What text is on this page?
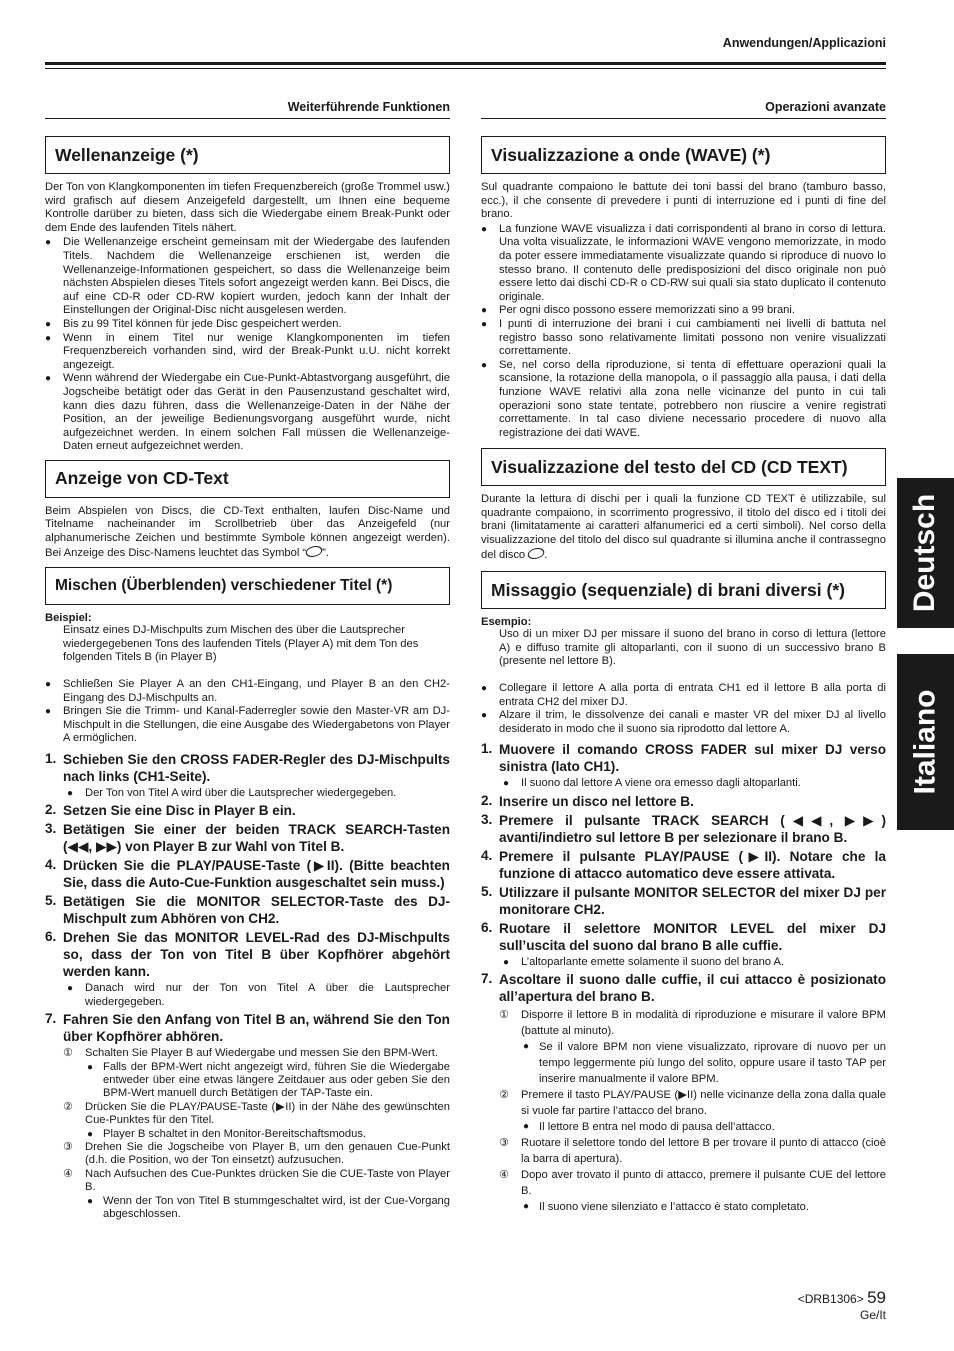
Anwendungen/Applicazioni
Weiterführende Funktionen
Wellenanzeige (*)

Der Ton von Klangkomponenten im tiefen Frequenzbereich (große Trommel usw.) wird grafisch auf diesem Anzeigefeld dargestellt, um Ihnen eine bequeme Kontrolle darüber zu bieten, dass sich die Wiedergabe einem Break-Punkt oder dem Ende des laufenden Titels nähert.

● Die Wellenanzeige erscheint gemeinsam mit der Wiedergabe des laufenden Titels. Nachdem die Wellenanzeige erschienen ist, werden die Wellenanzeige-Informationen gespeichert, so dass die Wellenanzeige beim nächsten Abspielen dieses Titels sofort angezeigt werden kann. Bei Discs, die auf eine CD-R oder CD-RW kopiert wurden, jedoch kann der Inhalt der Einstellungen der Original-Disc nicht ausgelesen werden.
● Bis zu 99 Titel können für jede Disc gespeichert werden.
● Wenn in einem Titel nur wenige Klangkomponenten im tiefen Frequenzbereich vorhanden sind, wird der Break-Punkt u.U. nicht korrekt angezeigt.
● Wenn während der Wiedergabe ein Cue-Punkt-Abtastvorgang ausgeführt, die Jogscheibe betätigt oder das Gerät in den Pausenzustand geschaltet wird, kann dies dazu führen, dass die Wellenanzeige-Daten in der Nähe der Position, an der jeweilige Bedienungsvorgang ausgeführt wurde, nicht aufgezeichnet werden. In einem solchen Fall müssen die Wellenanzeige-Daten erneut aufgezeichnet werden.
Anzeige von CD-Text

Beim Abspielen von Discs, die CD-Text enthalten, laufen Disc-Name und Titelname nacheinander im Scrollbetrieb über das Anzeigefeld (nur alphanumerische Zeichen und bestimmte Symbole können angezeigt werden). Bei Anzeige des Disc-Namens leuchtet das Symbol “ ”.

Mischen (Überblenden) verschiedener Titel (*)
Beispiel:
Einsatz eines DJ-Mischpults zum Mischen des über die Lautsprecher wiedergegebenen Tons des laufenden Titels (Player A) mit dem Ton des folgenden Titels B (in Player B)
● Schließen Sie Player A an den CH1-Eingang, und Player B an den CH2-Eingang des DJ-Mischpults an.
● Bringen Sie die Trimm- und Kanal-Faderregler sowie den Master-VR am DJ-Mischpult in die Stellungen, die eine Ausgabe des Wiedergabetons von Player A ermöglichen.
1. Schieben Sie den CROSS FADER-Regler des DJ-Mischpults nach links (CH1-Seite).
● Der Ton von Titel A wird über die Lautsprecher wiedergegeben.
2. Setzen Sie eine Disc in Player B ein.
3. Betätigen Sie einer der beiden TRACK SEARCH-Tasten (◀◀, ▶▶) von Player B zur Wahl von Titel B.
4. Drücken Sie die PLAY/PAUSE-Taste (▶II). (Bitte beachten Sie, dass die Auto-Cue-Funktion ausgeschaltet sein muss.)
5. Betätigen Sie die MONITOR SELECTOR-Taste des DJ-Mischpult zum Abhören von CH2.
6. Drehen Sie das MONITOR LEVEL-Rad des DJ-Mischpults so, dass der Ton von Titel B über Kopfhörer abgehört werden kann.
● Danach wird nur der Ton von Titel A über die Lautsprecher wiedergegeben.
7. Fahren Sie den Anfang von Titel B an, während Sie den Ton über Kopfhörer abhören.
① Schalten Sie Player B auf Wiedergabe und messen Sie den BPM-Wert.
● Falls der BPM-Wert nicht angezeigt wird, führen Sie die Wiedergabe entweder über eine etwas längere Zeitdauer aus oder geben Sie den BPM-Wert manuell durch Betätigen der TAP-Taste ein.
② Drücken Sie die PLAY/PAUSE-Taste (▶II) in der Nähe des gewünschten Cue-Punktes für den Titel.
● Player B schaltet in den Monitor-Bereitschaftsmodus.
③ Drehen Sie die Jogscheibe von Player B, um den genauen Cue-Punkt (d.h. die Position, wo der Ton einsetzt) aufzusuchen.
④ Nach Aufsuchen des Cue-Punktes drücken Sie die CUE-Taste von Player B.
● Wenn der Ton von Titel B stummgeschaltet wird, ist der Cue-Vorgang abgeschlossen.
Operazioni avanzate
Visualizzazione a onde (WAVE) (*)

Sul quadrante compaiono le battute dei toni bassi del brano (tamburo basso, ecc.), il che consente di prevedere i punti di interruzione ed i punti di fine del brano.

● La funzione WAVE visualizza i dati corrispondenti al brano in corso di lettura. Una volta visualizzate, le informazioni WAVE vengono memorizzate, in modo da poter essere immediatamente visualizzate quando si riproduce di nuovo lo stesso brano. Il contenuto delle predisposizioni del disco originale non può essere letto dai dischi CD-R o CD-RW sui quali sia stato duplicato il contenuto originale.
● Per ogni disco possono essere memorizzati sino a 99 brani.
● I punti di interruzione dei brani i cui cambiamenti nei livelli di battuta nel registro basso sono relativamente limitati possono non venire visualizzati correttamente.
● Se, nel corso della riproduzione, si tenta di effettuare operazioni quali la scansione, la rotazione della manopola, o il passaggio alla pausa, i dati della funzione WAVE relativi alla zona nelle vicinanze del punto in cui tali operazioni sono state tentate, potrebbero non riuscire a venire registrati correttamente. In tal caso diviene necessario procedere di nuovo alla registrazione dei dati WAVE.
Visualizzazione del testo del CD (CD TEXT)

Durante la lettura di dischi per i quali la funzione CD TEXT è utilizzabile, sul quadrante compaiono, in scorrimento progressivo, il titolo del disco ed i titoli dei brani (limitatamente ai caratteri alfanumerici ed a certi simboli). Nel corso della visualizzazione del titolo del disco sul quadrante si illumina anche il contrassegno del disco .

Missaggio (sequenziale) di brani diversi (*)
Esempio:
Uso di un mixer DJ per missare il suono del brano in corso di lettura (lettore A) e diffuso tramite gli altoparlanti, con il suono di un successivo brano B (presente nel lettore B).
● Collegare il lettore A alla porta di entrata CH1 ed il lettore B alla porta di entrata CH2 del mixer DJ.
● Alzare il trim, le dissolvenze dei canali e master VR del mixer DJ al livello desiderato in modo che il suono sia riprodotto dal lettore A.
1. Muovere il comando CROSS FADER sul mixer DJ verso sinistra (lato CH1).
● Il suono dal lettore A viene ora emesso dagli altoparlanti.
2. Inserire un disco nel lettore B.
3. Premere il pulsante TRACK SEARCH (◀◀, ▶▶) avanti/indietro sul lettore B per selezionare il brano B.
4. Premere il pulsante PLAY/PAUSE (▶II). Notare che la funzione di attacco automatico deve essere attivata.
5. Utilizzare il pulsante MONITOR SELECTOR del mixer DJ per monitorare CH2.
6. Ruotare il selettore MONITOR LEVEL del mixer DJ sull’uscita del suono dal brano B alle cuffie.
● L’altoparlante emette solamente il suono del brano A.
7. Ascoltare il suono dalle cuffie, il cui attacco è posizionato all’apertura del brano B.
① Disporre il lettore B in modalità di riproduzione e misurare il valore BPM (battute al minuto).
● Se il valore BPM non viene visualizzato, riprovare di nuovo per un tempo leggermente più lungo del solito, oppure usare il tasto TAP per inserire manualmente il valore BPM.
② Premere il tasto PLAY/PAUSE (▶II) nelle vicinanze della zona dalla quale si vuole far partire l’attacco del brano.
● Il lettore B entra nel modo di pausa dell’attacco.
③ Ruotare il selettore tondo del lettore B per trovare il punto di attacco (cioè la barra di apertura).
④ Dopo aver trovato il punto di attacco, premere il pulsante CUE del lettore B.
● Il suono viene silenziato e l’attacco è stato completato.
Deutsch
Italiano
<DRB1306> 59
Ge/It
